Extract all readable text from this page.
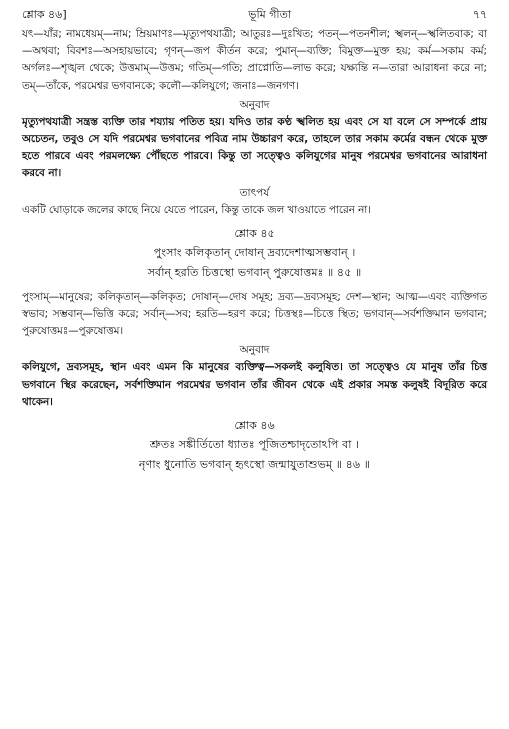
শ্লোক ৪৬]	ভূমি গীতা	৭৭

যৎ—যাঁর; নামধেয়ম্—নাম; ম্রিয়মাণঃ—মৃত্যুপথযাত্রী; আতুরঃ—দুঃখিত; পতন্—পতনশীল; স্খলন্—স্খলিতবাক; বা—অথবা; বিবশঃ—অসহায়ভাবে; গৃণন্—জপ কীর্তন করে; পুমান্—ব্যক্তি; বিমুক্ত—মুক্ত হয়; কর্ম—সকাম কর্ম; অর্গলঃ—শৃঙ্খল থেকে; উত্তমাম্—উত্তম; গতিম্—গতি; প্রাপ্নোতি—লাভ করে; যক্ষ্যন্তি ন—তারা আরাধনা করে না; তম্—তাঁকে, পরমেশ্বর ভগবানকে; কলৌ—কলিযুগে; জনাঃ—জনগণ।

অনুবাদ

মৃত্যুপথযাত্রী সন্ত্রস্ত ব্যক্তি তার শয্যায় পতিত হয়। যদিও তার কণ্ঠ স্খলিত হয় এবং সে যা বলে সে সম্পর্কে প্রায় অচেতন, তবুও সে যদি পরমেশ্বর ভগবানের পবিত্র নাম উচ্চারণ করে, তাহলে তার সকাম কর্মের বন্ধন থেকে মুক্ত হতে পারবে এবং পরমলক্ষ্যে পৌঁছতে পারবে। কিন্তু তা সত্ত্বেও কলিযুগের মানুষ পরমেশ্বর ভগবানের আরাধনা করবে না।

তাৎপর্য

একটি ঘোড়াকে জলের কাছে নিয়ে যেতে পারেন, কিন্তু তাকে জল খাওয়াতে পারেন না।

শ্লোক ৪৫

পুংসাং কলিকৃতান্ দোষান্ দ্রব্যদেশাত্মসম্ভবান্ ।

সর্বান্ হরতি চিত্তস্থো ভগবান্ পুরুষোত্তমঃ ॥ ৪৫ ॥

পুংসাম্—মানুষের; কলিকৃতান্—কলিকৃত; দোষান্—দোষ সমূহ; দ্রব্য—দ্রব্যসমূহ; দেশ—স্থান; আত্ম—এবং ব্যক্তিগত স্বভাব; সম্ভবান্—ভিত্তি করে; সর্বান্—সব; হরতি—হরণ করে; চিত্তস্থঃ—চিত্তে স্থিত; ভগবান্—সর্বশক্তিমান ভগবান; পুরুষোত্তমঃ—পুরুষোত্তম।

অনুবাদ

কলিযুগে, দ্রব্যসমূহ, স্থান এবং এমন কি মানুষের ব্যক্তিত্ব—সকলই কলুষিত। তা সত্ত্বেও যে মানুষ তাঁর চিত্ত ভগবানে স্থির করেছেন, সর্বশক্তিমান পরমেশ্বর ভগবান তাঁর জীবন থেকে এই প্রকার সমস্ত কলুষই বিদূরিত করে থাকেন।

শ্লোক ৪৬

শ্রুতঃ সঙ্কীর্তিতো ধ্যাতঃ পূজিতশ্চাদৃতোঽপি বা ।

নৃণাং ধুনোতি ভগবান্ হৃৎস্থো জন্মাযুতাশুভম্ ॥ ৪৬ ॥
